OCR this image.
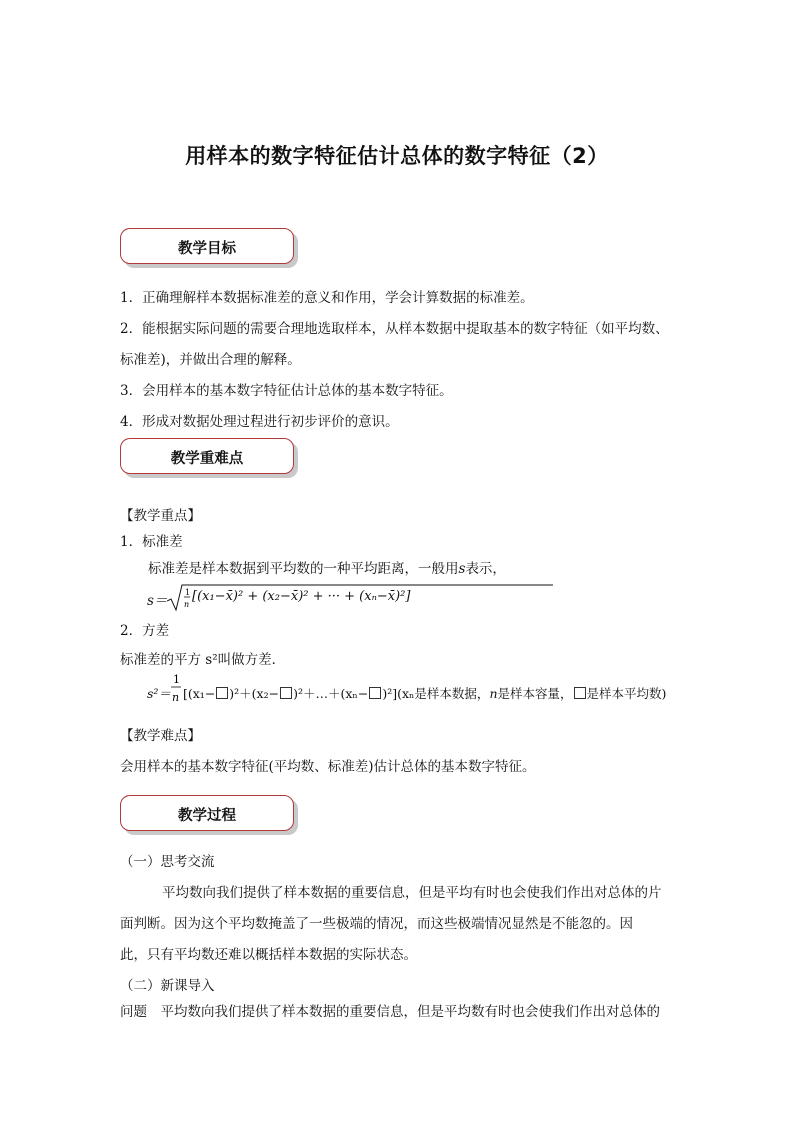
用样本的数字特征估计总体的数字特征（2）
教学目标
1．正确理解样本数据标准差的意义和作用，学会计算数据的标准差。
2．能根据实际问题的需要合理地选取样本，从样本数据中提取基本的数字特征（如平均数、
标准差)，并做出合理的解释。
3．会用样本的基本数字特征估计总体的基本数字特征。
4．形成对数据处理过程进行初步评价的意识。
教学重难点
【教学重点】
1．标准差
标准差是样本数据到平均数的一种平均距离，一般用s表示，
s＝
1
n
[(x₁−x̄)² + (x₂−x̄)² + ··· + (xₙ−x̄)²]
2．方差
标准差的平方 s²叫做方差．
s²＝
1
n [(x₁− )²＋(x₂− )²＋…＋(xₙ− )²](xₙ是样本数据，n是样本容量， 是样本平均数)
【教学难点】
会用样本的基本数字特征(平均数、标准差)估计总体的基本数字特征。
教学过程
（一）思考交流
平均数向我们提供了样本数据的重要信息，但是平均有时也会使我们作出对总体的片
面判断。因为这个平均数掩盖了一些极端的情况，而这些极端情况显然是不能忽的。因
此，只有平均数还难以概括样本数据的实际状态。
（二）新课导入
问题　平均数向我们提供了样本数据的重要信息，但是平均数有时也会使我们作出对总体的
